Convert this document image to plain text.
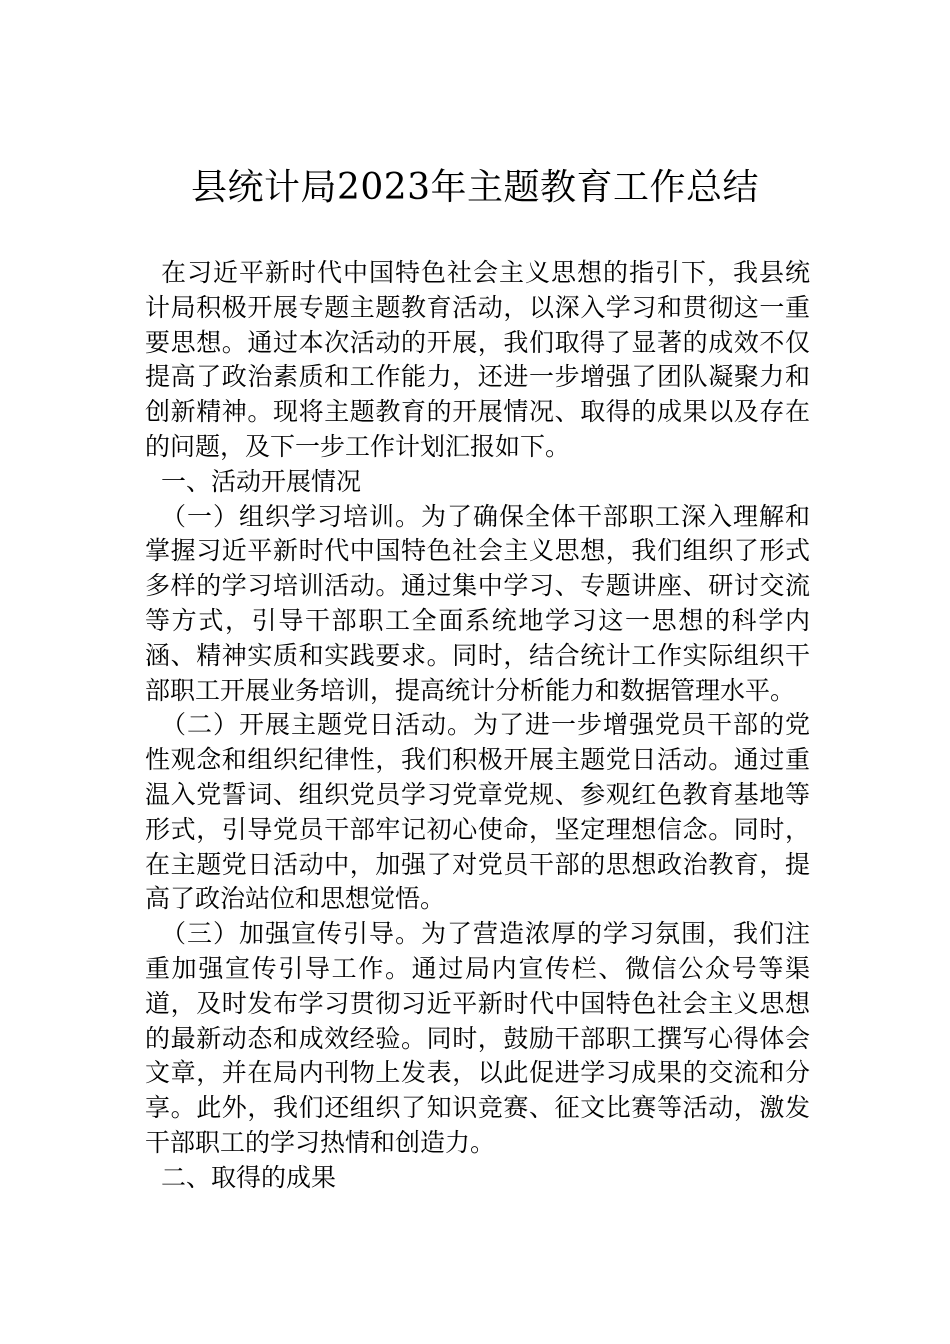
县统计局2023年主题教育工作总结

在习近平新时代中国特色社会主义思想的指引下，我县统计局积极开展专题主题教育活动，以深入学习和贯彻这一重要思想。通过本次活动的开展，我们取得了显著的成效不仅提高了政治素质和工作能力，还进一步增强了团队凝聚力和创新精神。现将主题教育的开展情况、取得的成果以及存在的问题，及下一步工作计划汇报如下。

一、活动开展情况

（一）组织学习培训。为了确保全体干部职工深入理解和掌握习近平新时代中国特色社会主义思想，我们组织了形式多样的学习培训活动。通过集中学习、专题讲座、研讨交流等方式，引导干部职工全面系统地学习这一思想的科学内涵、精神实质和实践要求。同时，结合统计工作实际组织干部职工开展业务培训，提高统计分析能力和数据管理水平。

（二）开展主题党日活动。为了进一步增强党员干部的党性观念和组织纪律性，我们积极开展主题党日活动。通过重温入党誓词、组织党员学习党章党规、参观红色教育基地等形式，引导党员干部牢记初心使命，坚定理想信念。同时，在主题党日活动中，加强了对党员干部的思想政治教育，提高了政治站位和思想觉悟。

（三）加强宣传引导。为了营造浓厚的学习氛围，我们注重加强宣传引导工作。通过局内宣传栏、微信公众号等渠道，及时发布学习贯彻习近平新时代中国特色社会主义思想的最新动态和成效经验。同时，鼓励干部职工撰写心得体会文章，并在局内刊物上发表，以此促进学习成果的交流和分享。此外，我们还组织了知识竞赛、征文比赛等活动，激发干部职工的学习热情和创造力。

二、取得的成果
